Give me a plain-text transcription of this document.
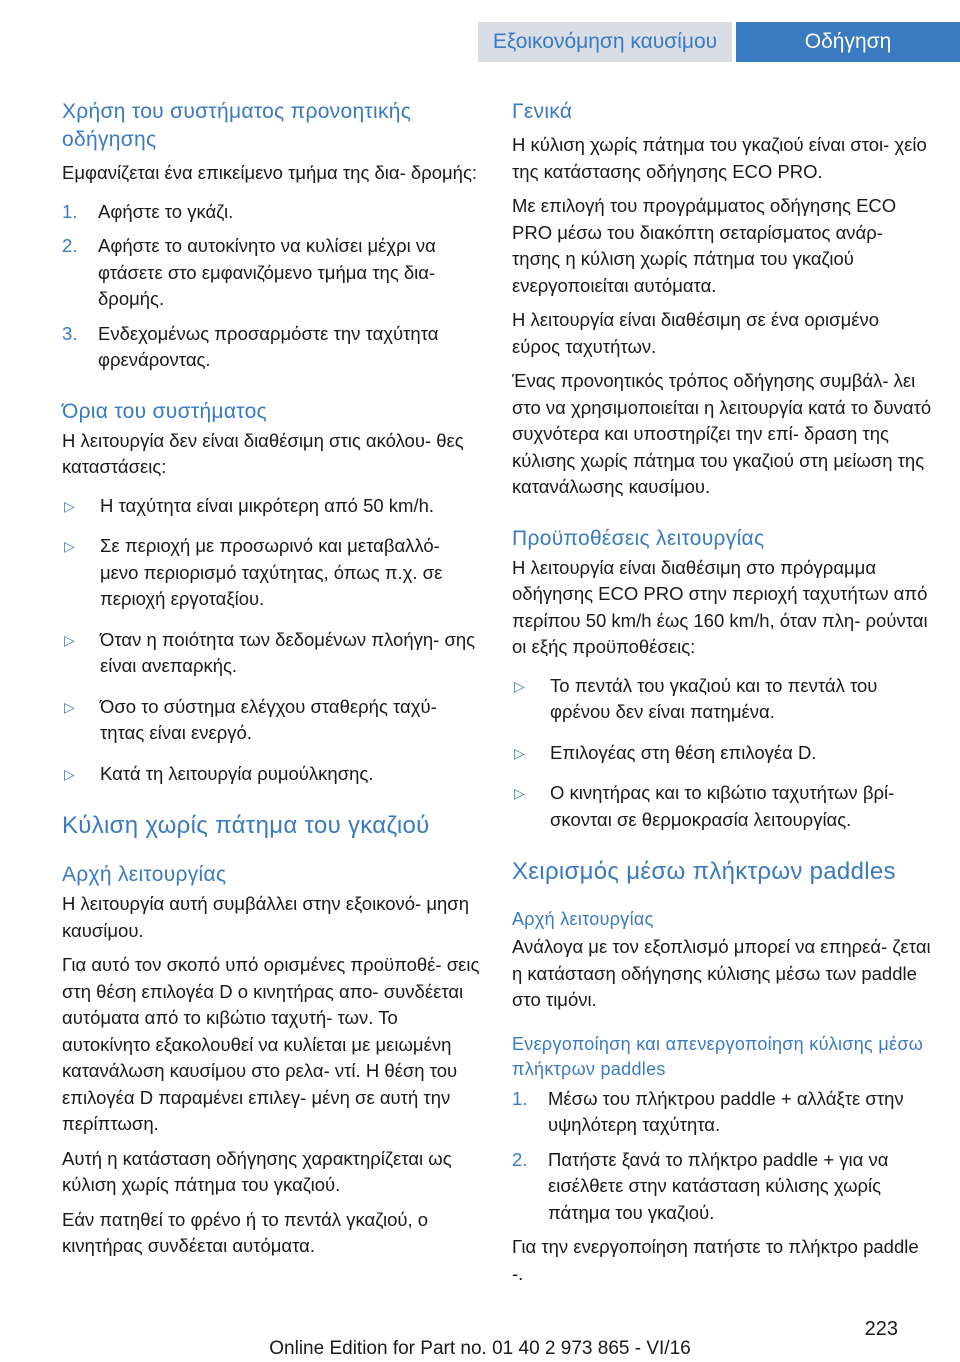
Εξοικονόμηση καυσίμου	Οδήγηση
Χρήση του συστήματος προνοητικής οδήγησης

Εμφανίζεται ένα επικείμενο τμήμα της δια‐ δρομής:

1.	Αφήστε το γκάζι.
2.	Αφήστε το αυτοκίνητο να κυλίσει μέχρι να φτάσετε στο εμφανιζόμενο τμήμα της δια‐ δρομής.
3.	Ενδεχομένως προσαρμόστε την ταχύτητα φρενάροντας.
Όρια του συστήματος

Η λειτουργία δεν είναι διαθέσιμη στις ακόλου‐ θες καταστάσεις:

▷	Η ταχύτητα είναι μικρότερη από 50 km/h.
▷	Σε περιοχή με προσωρινό και μεταβαλλό‐ μενο περιορισμό ταχύτητας, όπως π.χ. σε περιοχή εργοταξίου.
▷	Όταν η ποιότητα των δεδομένων πλοήγη‐ σης είναι ανεπαρκής.
▷	Όσο το σύστημα ελέγχου σταθερής ταχύ‐ τητας είναι ενεργό.
▷	Κατά τη λειτουργία ρυμούλκησης.
Κύλιση χωρίς πάτημα του γκαζιού
Αρχή λειτουργίας

Η λειτουργία αυτή συμβάλλει στην εξοικονό‐ μηση καυσίμου.

Για αυτό τον σκοπό υπό ορισμένες προϋποθέ‐ σεις στη θέση επιλογέα D ο κινητήρας απο‐ συνδέεται αυτόματα από το κιβώτιο ταχυτή‐ των. Το αυτοκίνητο εξακολουθεί να κυλίεται με μειωμένη κατανάλωση καυσίμου στο ρελα‐ ντί. Η θέση του επιλογέα D παραμένει επιλεγ‐ μένη σε αυτή την περίπτωση.

Αυτή η κατάσταση οδήγησης χαρακτηρίζεται ως κύλιση χωρίς πάτημα του γκαζιού.

Εάν πατηθεί το φρένο ή το πεντάλ γκαζιού, ο κινητήρας συνδέεται αυτόματα.

Γενικά

Η κύλιση χωρίς πάτημα του γκαζιού είναι στοι‐ χείο της κατάστασης οδήγησης ECO PRO.

Με επιλογή του προγράμματος οδήγησης ECO PRO μέσω του διακόπτη σεταρίσματος ανάρ‐ τησης η κύλιση χωρίς πάτημα του γκαζιού ενεργοποιείται αυτόματα.

Η λειτουργία είναι διαθέσιμη σε ένα ορισμένο εύρος ταχυτήτων.

Ένας προνοητικός τρόπος οδήγησης συμβάλ‐ λει στο να χρησιμοποιείται η λειτουργία κατά το δυνατό συχνότερα και υποστηρίζει την επί‐ δραση της κύλισης χωρίς πάτημα του γκαζιού στη μείωση της κατανάλωσης καυσίμου.

Προϋποθέσεις λειτουργίας

Η λειτουργία είναι διαθέσιμη στο πρόγραμμα οδήγησης ECO PRO στην περιοχή ταχυτήτων από περίπου 50 km/h έως 160 km/h, όταν πλη‐ ρούνται οι εξής προϋποθέσεις:

▷	Το πεντάλ του γκαζιού και το πεντάλ του φρένου δεν είναι πατημένα.
▷	Επιλογέας στη θέση επιλογέα D.
▷	Ο κινητήρας και το κιβώτιο ταχυτήτων βρί‐ σκονται σε θερμοκρασία λειτουργίας.
Χειρισμός μέσω πλήκτρων paddles
Αρχή λειτουργίας

Ανάλογα με τον εξοπλισμό μπορεί να επηρεά‐ ζεται η κατάσταση οδήγησης κύλισης μέσω των paddle στο τιμόνι.

Ενεργοποίηση και απενεργοποίηση κύλισης μέσω πλήκτρων paddles
1.	Μέσω του πλήκτρου paddle + αλλάξτε στην υψηλότερη ταχύτητα.
2.	Πατήστε ξανά το πλήκτρο paddle + για να εισέλθετε στην κατάσταση κύλισης χωρίς πάτημα του γκαζιού.

Για την ενεργοποίηση πατήστε το πλήκτρο paddle -.

223
Online Edition for Part no. 01 40 2 973 865 - VI/16
